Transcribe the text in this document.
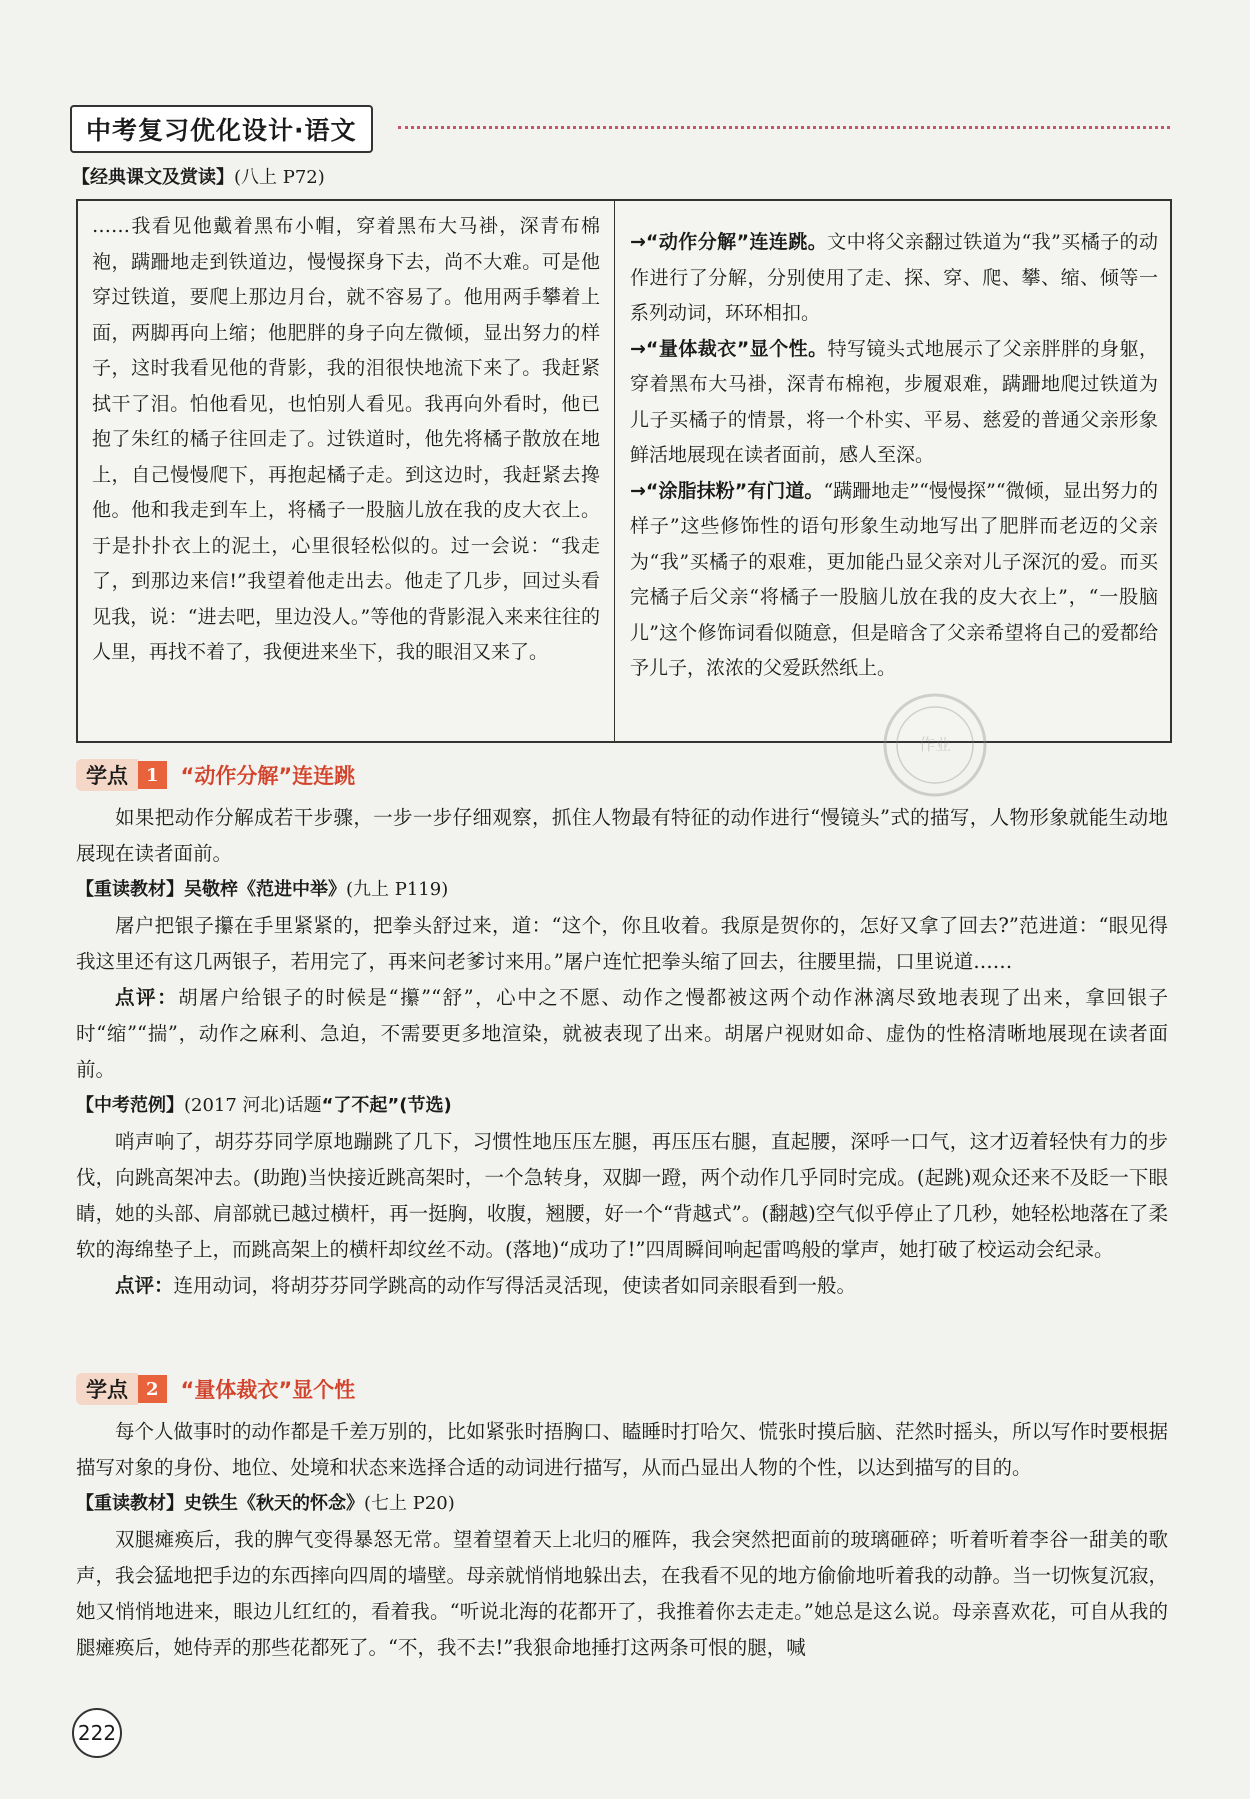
中考复习优化设计·语文
【经典课文及赏读】(八上 P72)
……我看见他戴着黑布小帽，穿着黑布大马褂，深青布棉袍，蹒跚地走到铁道边，慢慢探身下去，尚不大难。可是他穿过铁道，要爬上那边月台，就不容易了。他用两手攀着上面，两脚再向上缩；他肥胖的身子向左微倾，显出努力的样子，这时我看见他的背影，我的泪很快地流下来了。我赶紧拭干了泪。怕他看见，也怕别人看见。我再向外看时，他已抱了朱红的橘子往回走了。过铁道时，他先将橘子散放在地上，自己慢慢爬下，再抱起橘子走。到这边时，我赶紧去搀他。他和我走到车上，将橘子一股脑儿放在我的皮大衣上。于是扑扑衣上的泥土，心里很轻松似的。过一会说：“我走了，到那边来信!”我望着他走出去。他走了几步，回过头看见我，说：“进去吧，里边没人。”等他的背影混入来来往往的人里，再找不着了，我便进来坐下，我的眼泪又来了。
→“动作分解”连连跳。文中将父亲翻过铁道为“我”买橘子的动作进行了分解，分别使用了走、探、穿、爬、攀、缩、倾等一系列动词，环环相扣。
→“量体裁衣”显个性。特写镜头式地展示了父亲胖胖的身躯，穿着黑布大马褂，深青布棉袍，步履艰难，蹒跚地爬过铁道为儿子买橘子的情景，将一个朴实、平易、慈爱的普通父亲形象鲜活地展现在读者面前，感人至深。
→“涂脂抹粉”有门道。“蹒跚地走”“慢慢探”“微倾，显出努力的样子”这些修饰性的语句形象生动地写出了肥胖而老迈的父亲为“我”买橘子的艰难，更加能凸显父亲对儿子深沉的爱。而买完橘子后父亲“将橘子一股脑儿放在我的皮大衣上”，“一股脑儿”这个修饰词看似随意，但是暗含了父亲希望将自己的爱都给予儿子，浓浓的父爱跃然纸上。
作业
学点	1	“动作分解”连连跳

如果把动作分解成若干步骤，一步一步仔细观察，抓住人物最有特征的动作进行“慢镜头”式的描写，人物形象就能生动地展现在读者面前。

【重读教材】吴敬梓《范进中举》(九上 P119)

屠户把银子攥在手里紧紧的，把拳头舒过来，道：“这个，你且收着。我原是贺你的，怎好又拿了回去?”范进道：“眼见得我这里还有这几两银子，若用完了，再来问老爹讨来用。”屠户连忙把拳头缩了回去，往腰里揣，口里说道……

点评：胡屠户给银子的时候是“攥”“舒”，心中之不愿、动作之慢都被这两个动作淋漓尽致地表现了出来，拿回银子时“缩”“揣”，动作之麻利、急迫，不需要更多地渲染，就被表现了出来。胡屠户视财如命、虚伪的性格清晰地展现在读者面前。

【中考范例】(2017 河北)话题“了不起”(节选)

哨声响了，胡芬芬同学原地蹦跳了几下，习惯性地压压左腿，再压压右腿，直起腰，深呼一口气，这才迈着轻快有力的步伐，向跳高架冲去。(助跑)当快接近跳高架时，一个急转身，双脚一蹬，两个动作几乎同时完成。(起跳)观众还来不及眨一下眼睛，她的头部、肩部就已越过横杆，再一挺胸，收腹，翘腰，好一个“背越式”。(翻越)空气似乎停止了几秒，她轻松地落在了柔软的海绵垫子上，而跳高架上的横杆却纹丝不动。(落地)“成功了!”四周瞬间响起雷鸣般的掌声，她打破了校运动会纪录。

点评：连用动词，将胡芬芬同学跳高的动作写得活灵活现，使读者如同亲眼看到一般。

学点	2	“量体裁衣”显个性

每个人做事时的动作都是千差万别的，比如紧张时捂胸口、瞌睡时打哈欠、慌张时摸后脑、茫然时摇头，所以写作时要根据描写对象的身份、地位、处境和状态来选择合适的动词进行描写，从而凸显出人物的个性，以达到描写的目的。

【重读教材】史铁生《秋天的怀念》(七上 P20)

双腿瘫痪后，我的脾气变得暴怒无常。望着望着天上北归的雁阵，我会突然把面前的玻璃砸碎；听着听着李谷一甜美的歌声，我会猛地把手边的东西摔向四周的墙壁。母亲就悄悄地躲出去，在我看不见的地方偷偷地听着我的动静。当一切恢复沉寂，她又悄悄地进来，眼边儿红红的，看着我。“听说北海的花都开了，我推着你去走走。”她总是这么说。母亲喜欢花，可自从我的腿瘫痪后，她侍弄的那些花都死了。“不，我不去!”我狠命地捶打这两条可恨的腿，喊

222
